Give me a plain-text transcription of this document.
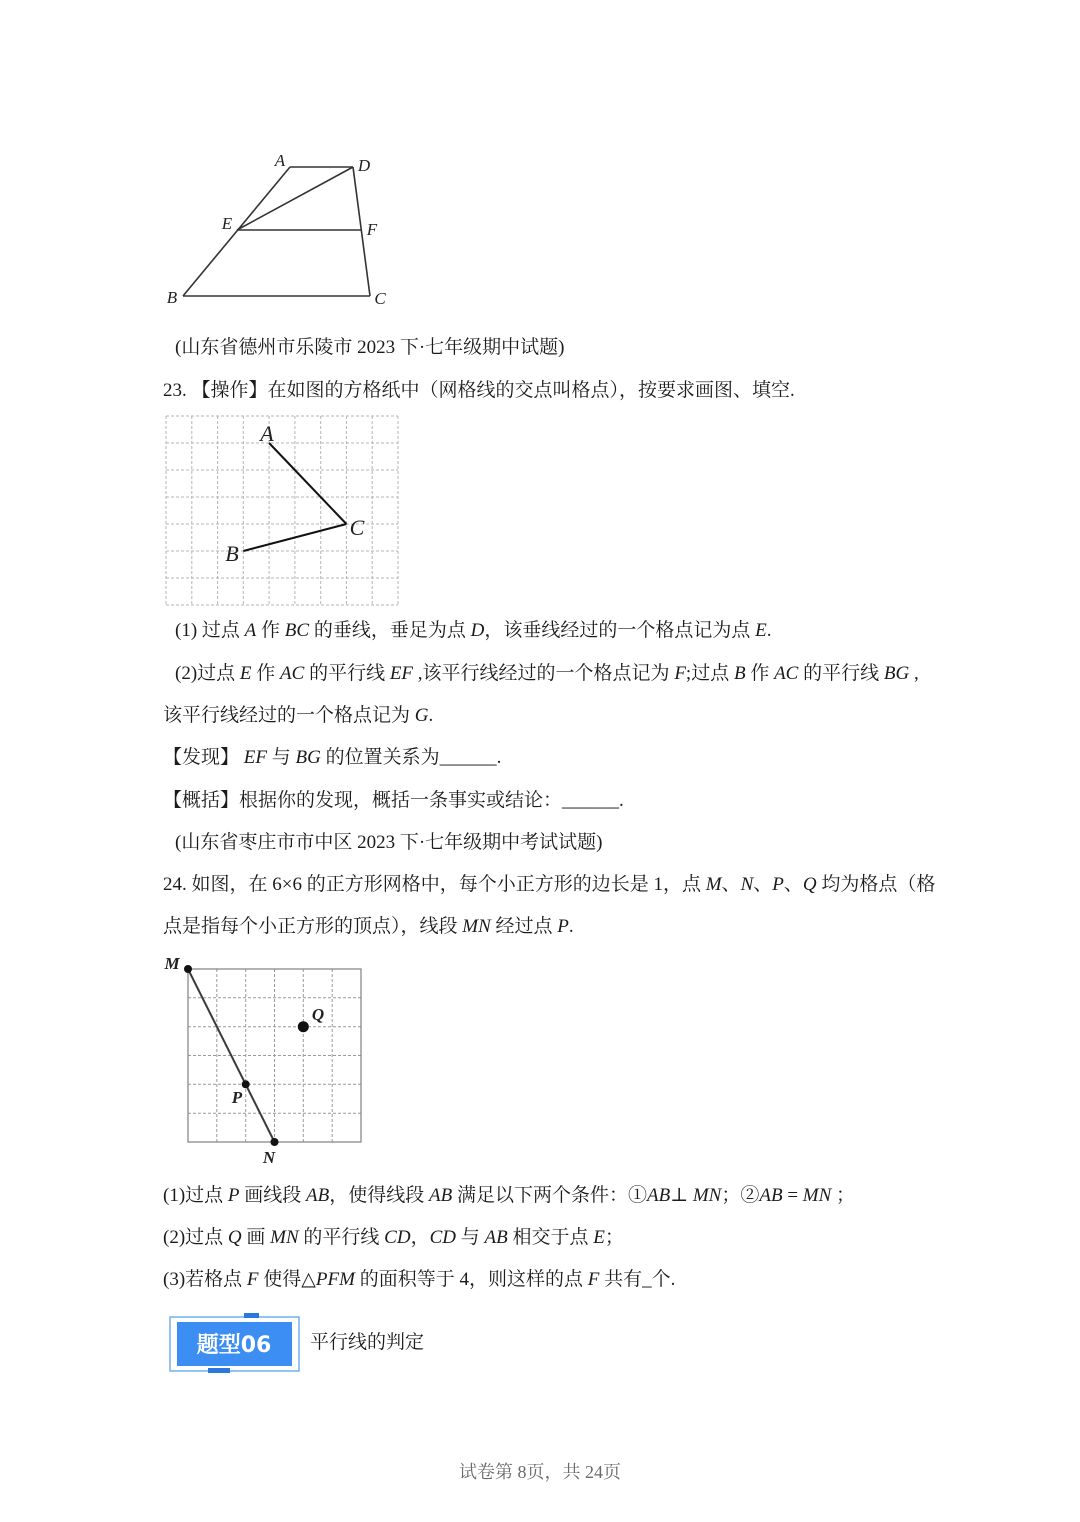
A	D
E	F
B	C
A
C
B
M
Q
P
N
题型06
(山东省德州市乐陵市 2023 下·七年级期中试题)
23. 【操作】在如图的方格纸中（网格线的交点叫格点），按要求画图、填空.
(1) 过点 A 作 BC 的垂线，垂足为点 D，该垂线经过的一个格点记为点 E.
(2)过点 E 作 AC 的平行线 EF ,该平行线经过的一个格点记为 F;过点 B 作 AC 的平行线 BG ,
该平行线经过的一个格点记为 G.
【发现】 EF 与 BG 的位置关系为______.
【概括】根据你的发现，概括一条事实或结论：______.
(山东省枣庄市市中区 2023 下·七年级期中考试试题)
24. 如图，在 6×6 的正方形网格中，每个小正方形的边长是 1，点 M、N、P、Q 均为格点（格
点是指每个小正方形的顶点），线段 MN 经过点 P.
(1)过点 P 画线段 AB，使得线段 AB 满足以下两个条件：①AB⊥ MN；②AB = MN ；
(2)过点 Q 画 MN 的平行线 CD，CD 与 AB 相交于点 E；
(3)若格点 F 使得△PFM 的面积等于 4，则这样的点 F 共有_个.
平行线的判定
试卷第 8页，共 24页
